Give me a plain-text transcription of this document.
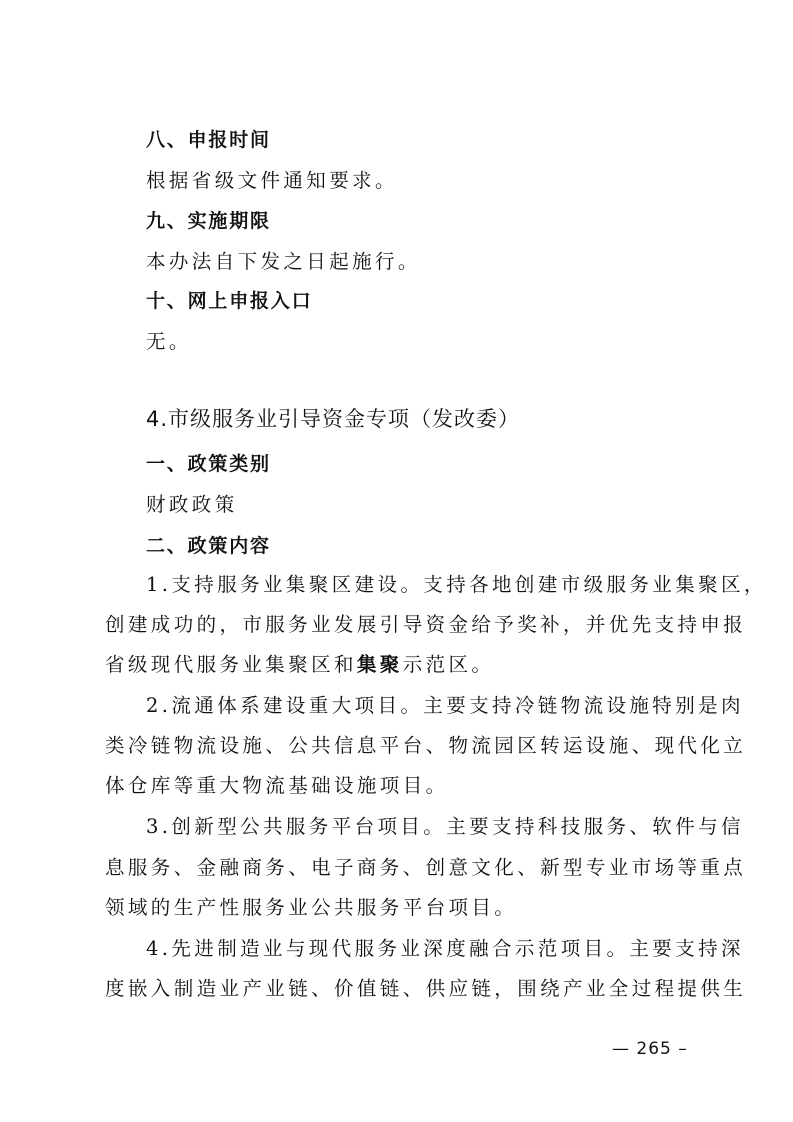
八、申报时间
根据省级文件通知要求。
九、实施期限
本办法自下发之日起施行。
十、网上申报入口
无。
4.市级服务业引导资金专项（发改委）
一、政策类别
财政政策
二、政策内容
1.支持服务业集聚区建设。支持各地创建市级服务业集聚区，
创建成功的，市服务业发展引导资金给予奖补，并优先支持申报
省级现代服务业集聚区和集聚示范区。
2.流通体系建设重大项目。主要支持冷链物流设施特别是肉
类冷链物流设施、公共信息平台、物流园区转运设施、现代化立
体仓库等重大物流基础设施项目。
3.创新型公共服务平台项目。主要支持科技服务、软件与信
息服务、金融商务、电子商务、创意文化、新型专业市场等重点
领域的生产性服务业公共服务平台项目。
4.先进制造业与现代服务业深度融合示范项目。主要支持深
度嵌入制造业产业链、价值链、供应链，围绕产业全过程提供生
— 265 –
